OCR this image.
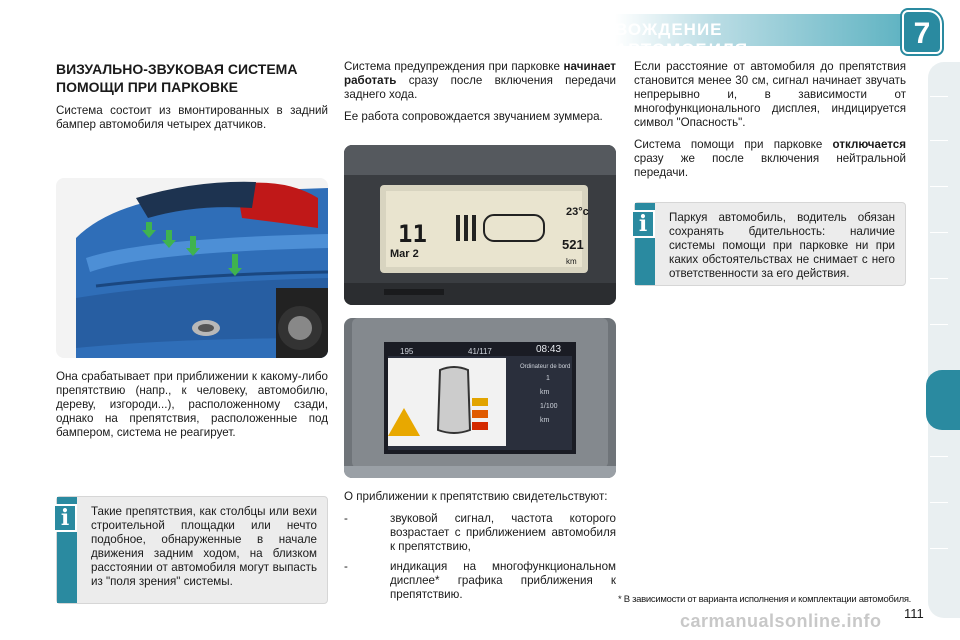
ВОЖДЕНИЕ АВТОМОБИЛЯ	7
ВИЗУАЛЬНО-ЗВУКОВАЯ СИСТЕМА ПОМОЩИ ПРИ ПАРКОВКЕ

Система состоит из вмонтированных в задний бампер автомобиля четырех датчиков.

Она срабатывает при приближении к какому-либо препятствию (напр., к человеку, автомобилю, дереву, изгороди...), расположенному сзади, однако на препятствия, расположенные под бампером, система не реагирует.

Такие препятствия, как столбцы или вехи строительной площадки или нечто подобное, обнаруженные в начале движения задним ходом, на близком расстоянии от автомобиля могут выпасть из "поля зрения" системы.
i

Система предупреждения при парковке начинает работать сразу после включения передачи заднего хода.

Ее работа сопровождается звучанием зуммера.

11
Mar 2
23°c
521
km
195	41/117	08:43
Ordinateur de bord
1
km
1/100
km

О приближении к препятствию свидетельствуют:

- звуковой сигнал, частота которого возрастает с приближением автомобиля к препятствию,
- индикация на многофункциональном дисплее* графика приближения к препятствию.

Если расстояние от автомобиля до препятствия становится менее 30 см, сигнал начинает звучать непрерывно и, в зависимости от многофункционального дисплея, индицируется символ "Опасность".

Система помощи при парковке отключается сразу же после включения нейтральной передачи.

Паркуя автомобиль, водитель обязан сохранять бдительность: наличие системы помощи при парковке ни при каких обстоятельствах не снимает с него ответственности за его действия.
i
* В зависимости от варианта исполнения и комплектации автомобиля.
carmanualsonline.info 111
